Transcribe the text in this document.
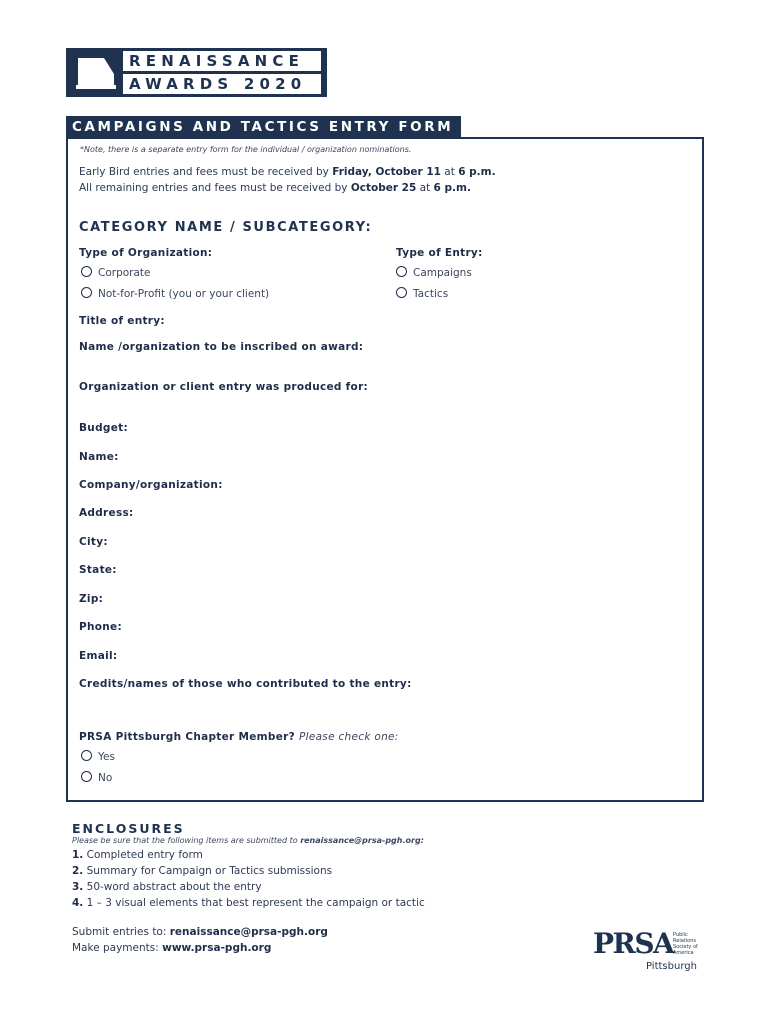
RENAISSANCE
AWARDS 2020
CAMPAIGNS AND TACTICS ENTRY FORM
*Note, there is a separate entry form for the individual / organization nominations.
Early Bird entries and fees must be received by Friday, October 11 at 6 p.m.
All remaining entries and fees must be received by October 25 at 6 p.m.
CATEGORY NAME / SUBCATEGORY:
Type of Organization:
Corporate
Not-for-Profit (you or your client)
Type of Entry:
Campaigns
Tactics
Title of entry:
Name /organization to be inscribed on award:
Organization or client entry was produced for:
Budget:
Name:
Company/organization:
Address:
City:
State:
Zip:
Phone:
Email:
Credits/names of those who contributed to the entry:
PRSA Pittsburgh Chapter Member? Please check one:
Yes
No
ENCLOSURES
Please be sure that the following items are submitted to renaissance@prsa-pgh.org:
1. Completed entry form
2. Summary for Campaign or Tactics submissions
3. 50-word abstract about the entry
4. 1 – 3 visual elements that best represent the campaign or tactic
Submit entries to: renaissance@prsa-pgh.org
Make payments: www.prsa-pgh.org	PRSA Public
Relations
Society of
America
Pittsburgh
